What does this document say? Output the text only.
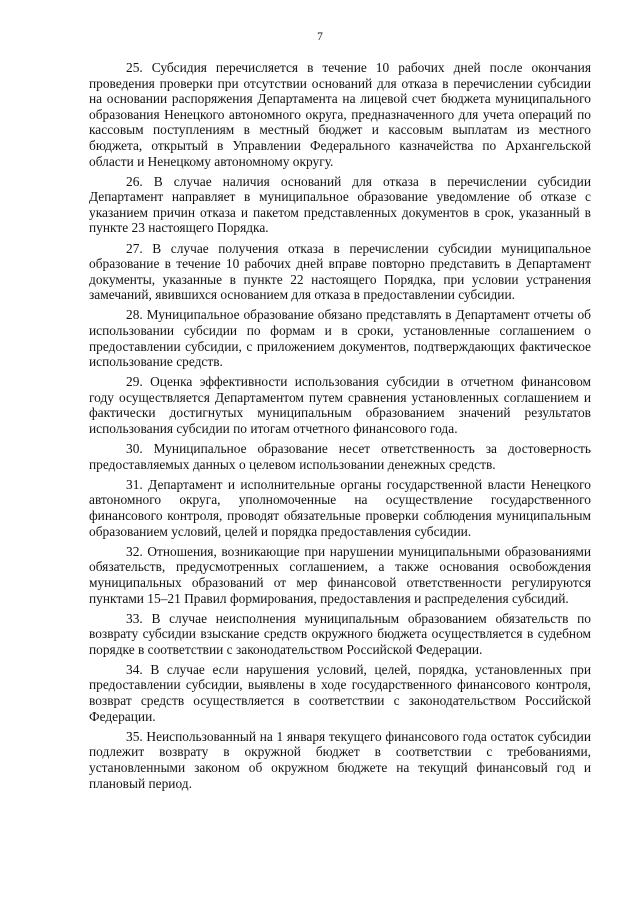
7

25. Субсидия перечисляется в течение 10 рабочих дней после окончания проведения проверки при отсутствии оснований для отказа в перечислении субсидии на основании распоряжения Департамента на лицевой счет бюджета муниципального образования Ненецкого автономного округа, предназначенного для учета операций по кассовым поступлениям в местный бюджет и кассовым выплатам из местного бюджета, открытый в Управлении Федерального казначейства по Архангельской области и Ненецкому автономному округу.

26. В случае наличия оснований для отказа в перечислении субсидии Департамент направляет в муниципальное образование уведомление об отказе с указанием причин отказа и пакетом представленных документов в срок, указанный в пункте 23 настоящего Порядка.

27. В случае получения отказа в перечислении субсидии муниципальное образование в течение 10 рабочих дней вправе повторно представить в Департамент документы, указанные в пункте 22 настоящего Порядка, при условии устранения замечаний, явившихся основанием для отказа в предоставлении субсидии.

28. Муниципальное образование обязано представлять в Департамент отчеты об использовании субсидии по формам и в сроки, установленные соглашением о предоставлении субсидии, с приложением документов, подтверждающих фактическое использование средств.

29. Оценка эффективности использования субсидии в отчетном финансовом году осуществляется Департаментом путем сравнения установленных соглашением и фактически достигнутых муниципальным образованием значений результатов использования субсидии по итогам отчетного финансового года.

30. Муниципальное образование несет ответственность за достоверность предоставляемых данных о целевом использовании денежных средств.

31. Департамент и исполнительные органы государственной власти Ненецкого автономного округа, уполномоченные на осуществление государственного финансового контроля, проводят обязательные проверки соблюдения муниципальным образованием условий, целей и порядка предоставления субсидии.

32. Отношения, возникающие при нарушении муниципальными образованиями обязательств, предусмотренных соглашением, а также основания освобождения муниципальных образований от мер финансовой ответственности регулируются пунктами 15–21 Правил формирования, предоставления и распределения субсидий.

33. В случае неисполнения муниципальным образованием обязательств по возврату субсидии взыскание средств окружного бюджета осуществляется в судебном порядке в соответствии с законодательством Российской Федерации.

34. В случае если нарушения условий, целей, порядка, установленных при предоставлении субсидии, выявлены в ходе государственного финансового контроля, возврат средств осуществляется в соответствии с законодательством Российской Федерации.

35. Неиспользованный на 1 января текущего финансового года остаток субсидии подлежит возврату в окружной бюджет в соответствии с требованиями, установленными законом об окружном бюджете на текущий финансовый год и плановый период.
